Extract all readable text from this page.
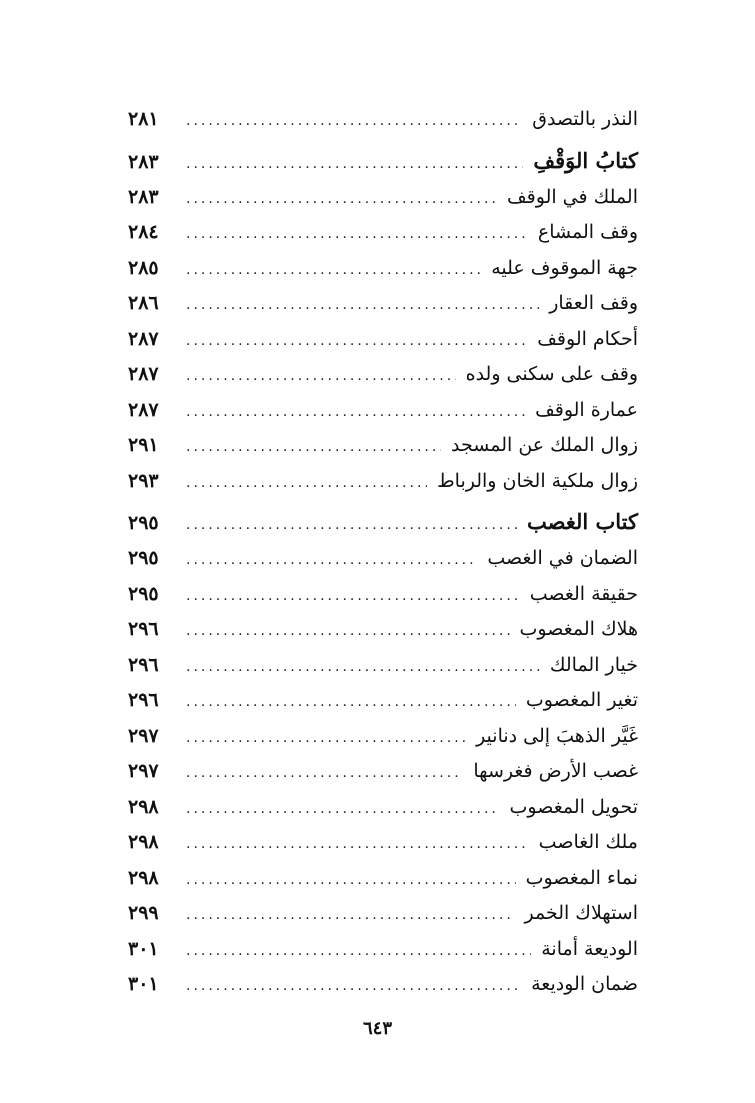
النذر بالتصدق
.....
٢٨١
كتابُ الوَقْفِ
.....
٢٨٣
الملك في الوقف
.....
٢٨٣
وقف المشاع
.....
٢٨٤
جهة الموقوف عليه
.....
٢٨٥
وقف العقار
.....
٢٨٦
أحكام الوقف
.....
٢٨٧
وقف على سكنى ولده
.....
٢٨٧
عمارة الوقف
.....
٢٨٧
زوال الملك عن المسجد
.....
٢٩١
زوال ملكية الخان والرباط
.....
٢٩٣
كتاب الغصب
.....
٢٩٥
الضمان في الغصب
.....
٢٩٥
حقيقة الغصب
.....
٢٩٥
هلاك المغصوب
.....
٢٩٦
خيار المالك
.....
٢٩٦
تغير المغصوب
.....
٢٩٦
غَيَّر الذهبَ إلى دنانير
.....
٢٩٧
غصب الأرض فغرسها
.....
٢٩٧
تحويل المغصوب
.....
٢٩٨
ملك الغاصب
.....
٢٩٨
نماء المغصوب
.....
٢٩٨
استهلاك الخمر
.....
٢٩٩
الوديعة أمانة
.....
٣٠١
ضمان الوديعة
.....
٣٠١
٦٤٣
